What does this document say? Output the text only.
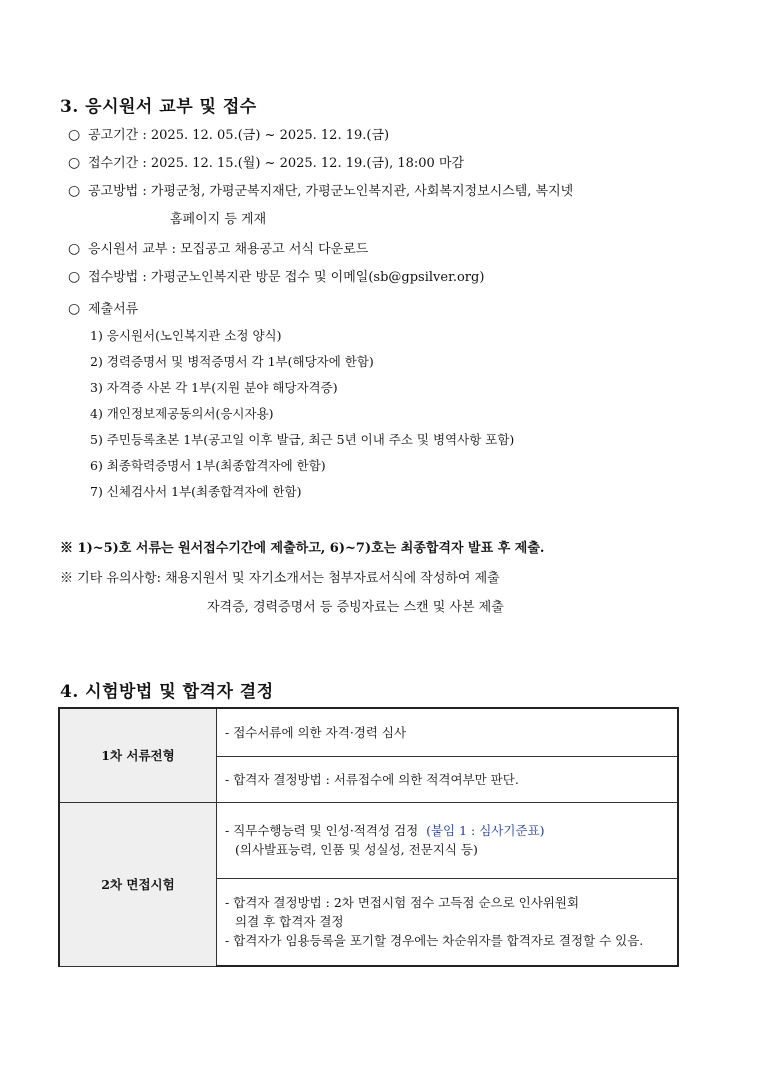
3. 응시원서 교부 및 접수
○ 공고기간 : 2025. 12. 05.(금) ~ 2025. 12. 19.(금)
○ 접수기간 : 2025. 12. 15.(월) ~ 2025. 12. 19.(금), 18:00 마감
○ 공고방법 : 가평군청, 가평군복지재단, 가평군노인복지관, 사회복지정보시스템, 복지넷
홈페이지 등 게재
○ 응시원서 교부 : 모집공고 채용공고 서식 다운로드
○ 접수방법 : 가평군노인복지관 방문 접수 및 이메일(sb@gpsilver.org)
○ 제출서류
1) 응시원서(노인복지관 소정 양식)
2) 경력증명서 및 병적증명서 각 1부(해당자에 한함)
3) 자격증 사본 각 1부(지원 분야 해당자격증)
4) 개인정보제공동의서(응시자용)
5) 주민등록초본 1부(공고일 이후 발급, 최근 5년 이내 주소 및 병역사항 포함)
6) 최종학력증명서 1부(최종합격자에 한함)
7) 신체검사서 1부(최종합격자에 한함)
※ 1)~5)호 서류는 원서접수기간에 제출하고, 6)~7)호는 최종합격자 발표 후 제출.
※ 기타 유의사항: 채용지원서 및 자기소개서는 첨부자료서식에 작성하여 제출
자격증, 경력증명서 등 증빙자료는 스캔 및 사본 제출
4. 시험방법 및 합격자 결정
1차 서류전형	- 접수서류에 의한 자격·경력 심사
	- 합격자 결정방법 : 서류접수에 의한 적격여부만 판단.
2차 면접시험	- 직무수행능력 및 인성·적격성 검정 (붙임 1 : 심사기준표)
(의사발표능력, 인품 및 성실성, 전문지식 등)

	- 합격자 결정방법 : 2차 면접시험 점수 고득점 순으로 인사위원회
의결 후 합격자 결정
- 합격자가 임용등록을 포기할 경우에는 차순위자를 합격자로 결정할 수 있음.
